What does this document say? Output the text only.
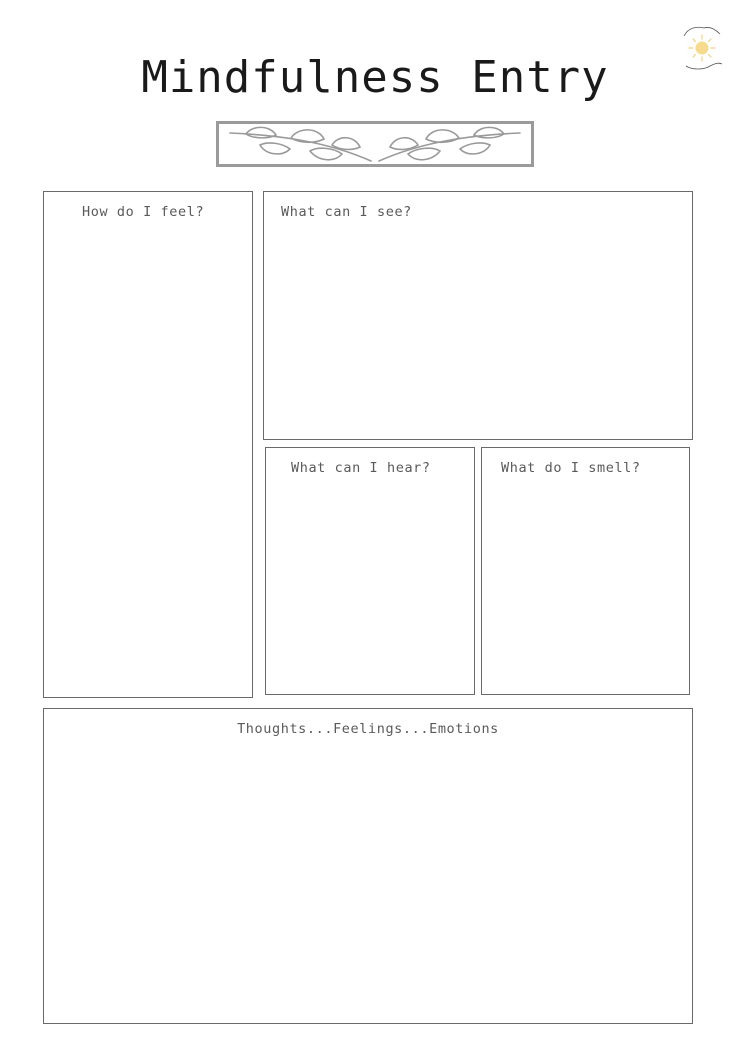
Mindfulness Entry
How do I feel?	What can I see?
What can I hear?	What do I smell?
Thoughts...Feelings...Emotions
